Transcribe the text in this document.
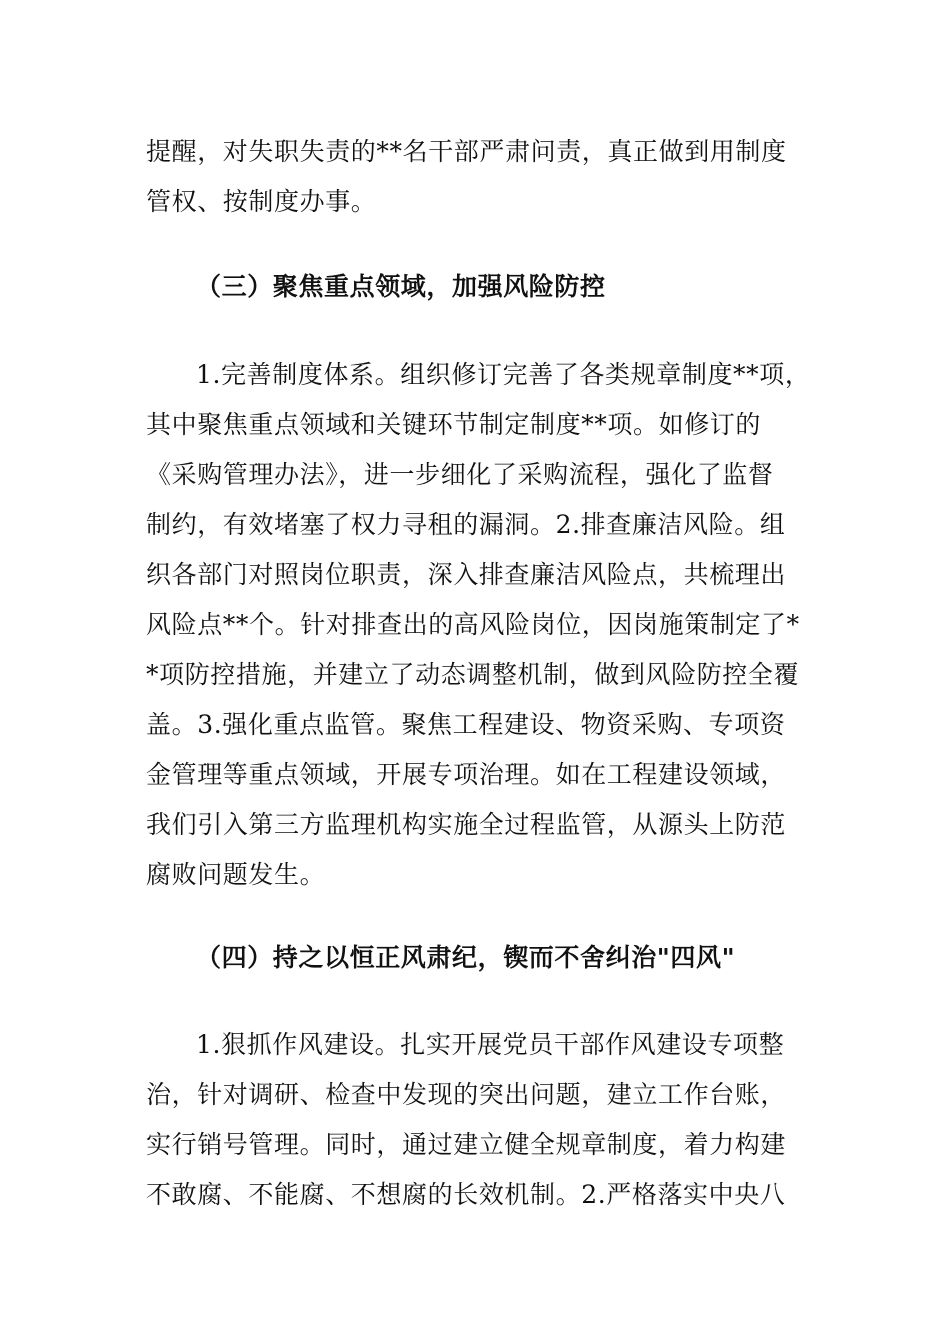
提醒，对失职失责的**名干部严肃问责，真正做到用制度
管权、按制度办事。
（三）聚焦重点领域，加强风险防控
1.完善制度体系。组织修订完善了各类规章制度**项，
其中聚焦重点领域和关键环节制定制度**项。如修订的
《采购管理办法》，进一步细化了采购流程，强化了监督
制约，有效堵塞了权力寻租的漏洞。2.排查廉洁风险。组
织各部门对照岗位职责，深入排查廉洁风险点，共梳理出
风险点**个。针对排查出的高风险岗位，因岗施策制定了*
*项防控措施，并建立了动态调整机制，做到风险防控全覆
盖。3.强化重点监管。聚焦工程建设、物资采购、专项资
金管理等重点领域，开展专项治理。如在工程建设领域，
我们引入第三方监理机构实施全过程监管，从源头上防范
腐败问题发生。
（四）持之以恒正风肃纪，锲而不舍纠治"四风"
1.狠抓作风建设。扎实开展党员干部作风建设专项整
治，针对调研、检查中发现的突出问题，建立工作台账，
实行销号管理。同时，通过建立健全规章制度，着力构建
不敢腐、不能腐、不想腐的长效机制。2.严格落实中央八
